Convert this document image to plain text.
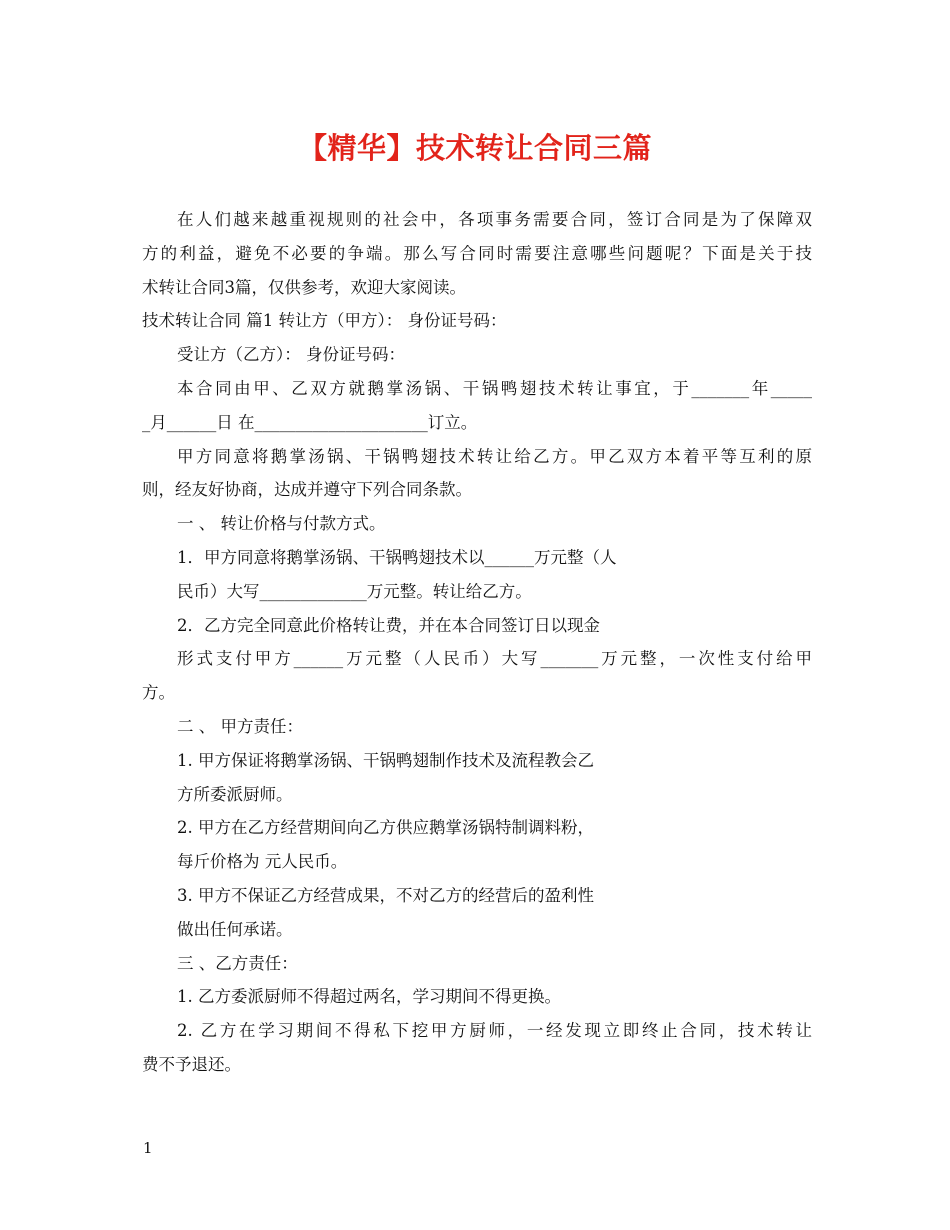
【精华】技术转让合同三篇
在人们越来越重视规则的社会中，各项事务需要合同，签订合同是为了保障双
方的利益，避免不必要的争端。那么写合同时需要注意哪些问题呢？下面是关于技
术转让合同3篇，仅供参考，欢迎大家阅读。
技术转让合同 篇1 转让方（甲方）： 身份证号码：
受让方（乙方）： 身份证号码：
本合同由甲、乙双方就鹅掌汤锅、干锅鸭翅技术转让事宜，于_______年_____
_月______日 在_____________________订立。
甲方同意将鹅掌汤锅、干锅鸭翅技术转让给乙方。甲乙双方本着平等互利的原
则，经友好协商，达成并遵守下列合同条款。
一 、 转让价格与付款方式。
1．甲方同意将鹅掌汤锅、干锅鸭翅技术以______万元整（人
民币）大写_____________万元整。转让给乙方。
2．乙方完全同意此价格转让费，并在本合同签订日以现金
形式支付甲方______万元整（人民币）大写_______万元整，一次性支付给甲
方。
二 、 甲方责任：
1. 甲方保证将鹅掌汤锅、干锅鸭翅制作技术及流程教会乙
方所委派厨师。
2. 甲方在乙方经营期间向乙方供应鹅掌汤锅特制调料粉，
每斤价格为 元人民币。
3. 甲方不保证乙方经营成果，不对乙方的经营后的盈利性
做出任何承诺。
三 、乙方责任：
1. 乙方委派厨师不得超过两名，学习期间不得更换。
2. 乙方在学习期间不得私下挖甲方厨师，一经发现立即终止合同，技术转让
费不予退还。
1
